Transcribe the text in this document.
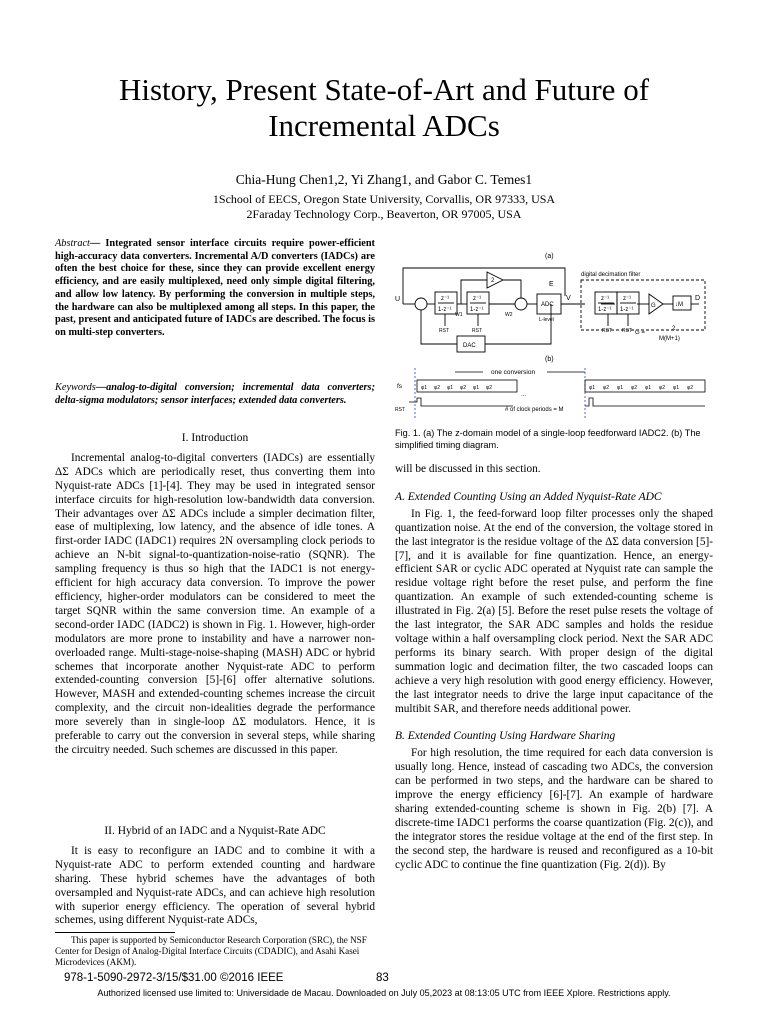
History, Present State-of-Art and Future of
Incremental ADCs
Chia-Hung Chen1,2, Yi Zhang1, and Gabor C. Temes1
1School of EECS, Oregon State University, Corvallis, OR 97333, USA
2Faraday Technology Corp., Beaverton, OR 97005, USA
Abstract— Integrated sensor interface circuits require power-efficient high-accuracy data converters. Incremental A/D converters (IADCs) are often the best choice for these, since they can provide excellent energy efficiency, and are easily multiplexed, need only simple digital filtering, and allow low latency. By performing the conversion in multiple steps, the hardware can also be multiplexed among all steps. In this paper, the past, present and anticipated future of IADCs are described. The focus is on multi-step converters.
Keywords—analog-to-digital conversion; incremental data converters; delta-sigma modulators; sensor interfaces; extended data converters.
I. Introduction

Incremental analog-to-digital converters (IADCs) are essentially ΔΣ ADCs which are periodically reset, thus converting them into Nyquist-rate ADCs [1]-[4]. They may be used in integrated sensor interface circuits for high-resolution low-bandwidth data conversion. Their advantages over ΔΣ ADCs include a simpler decimation filter, ease of multiplexing, low latency, and the absence of idle tones. A first-order IADC (IADC1) requires 2N oversampling clock periods to achieve an N-bit signal-to-quantization-noise-ratio (SQNR). The sampling frequency is thus so high that the IADC1 is not energy-efficient for high accuracy data conversion. To improve the power efficiency, higher-order modulators can be considered to meet the target SQNR within the same conversion time. An example of a second-order IADC (IADC2) is shown in Fig. 1. However, high-order modulators are more prone to instability and have a narrower non-overloaded range. Multi-stage-noise-shaping (MASH) ADC or hybrid schemes that incorporate another Nyquist-rate ADC to perform extended-counting conversion [5]-[6] offer alternative solutions. However, MASH and extended-counting schemes increase the circuit complexity, and the circuit non-idealities degrade the performance more severely than in single-loop ΔΣ modulators. Hence, it is preferable to carry out the conversion in several steps, while sharing the circuitry needed. Such schemes are discussed in this paper.

II. Hybrid of an IADC and a Nyquist-Rate ADC

It is easy to reconfigure an IADC and to combine it with a Nyquist-rate ADC to perform extended counting and hardware sharing. These hybrid schemes have the advantages of both oversampled and Nyquist-rate ADCs, and can achieve high resolution with superior energy efficiency. The operation of several hybrid schemes, using different Nyquist-rate ADCs,

This paper is supported by Semiconductor Research Corporation (SRC), the NSF Center for Design of Analog-Digital Interface Circuits (CDADIC), and Asahi Kasei Microdevices (AKM).

(a)
digital decimation filter
U	V	D
E
z⁻¹
1-z⁻¹
z⁻¹
1-z⁻¹
z⁻¹
1-z⁻¹
z⁻¹
1-z⁻¹
ADC
L-level
DAC
2
G	↓M
W1	W2
RST	RST	RST RST G =
2
M(M+1)
(b)
one conversion
fs
RST	# of clock periods = M
...
φ1 φ2 φ1 φ2 φ1 φ2	φ1 φ2 φ1 φ2 φ1 φ2 φ1 φ2
Fig. 1. (a) The z-domain model of a single-loop feedforward IADC2. (b) The simplified timing diagram.
will be discussed in this section.
A. Extended Counting Using an Added Nyquist-Rate ADC

In Fig. 1, the feed-forward loop filter processes only the shaped quantization noise. At the end of the conversion, the voltage stored in the last integrator is the residue voltage of the ΔΣ data conversion [5]-[7], and it is available for fine quantization. Hence, an energy-efficient SAR or cyclic ADC operated at Nyquist rate can sample the residue voltage right before the reset pulse, and perform the fine quantization. An example of such extended-counting scheme is illustrated in Fig. 2(a) [5]. Before the reset pulse resets the voltage of the last integrator, the SAR ADC samples and holds the residue voltage within a half oversampling clock period. Next the SAR ADC performs its binary search. With proper design of the digital summation logic and decimation filter, the two cascaded loops can achieve a very high resolution with good energy efficiency. However, the last integrator needs to drive the large input capacitance of the multibit SAR, and therefore needs additional power.

B. Extended Counting Using Hardware Sharing

For high resolution, the time required for each data conversion is usually long. Hence, instead of cascading two ADCs, the conversion can be performed in two steps, and the hardware can be shared to improve the energy efficiency [6]-[7]. An example of hardware sharing extended-counting scheme is shown in Fig. 2(b) [7]. A discrete-time IADC1 performs the coarse quantization (Fig. 2(c)), and the integrator stores the residue voltage at the end of the first step. In the second step, the hardware is reused and reconfigured as a 10-bit cyclic ADC to continue the fine quantization (Fig. 2(d)). By

978-1-5090-2972-3/15/$31.00 ©2016 IEEE	83
Authorized licensed use limited to: Universidade de Macau. Downloaded on July 05,2023 at 08:13:05 UTC from IEEE Xplore. Restrictions apply.
